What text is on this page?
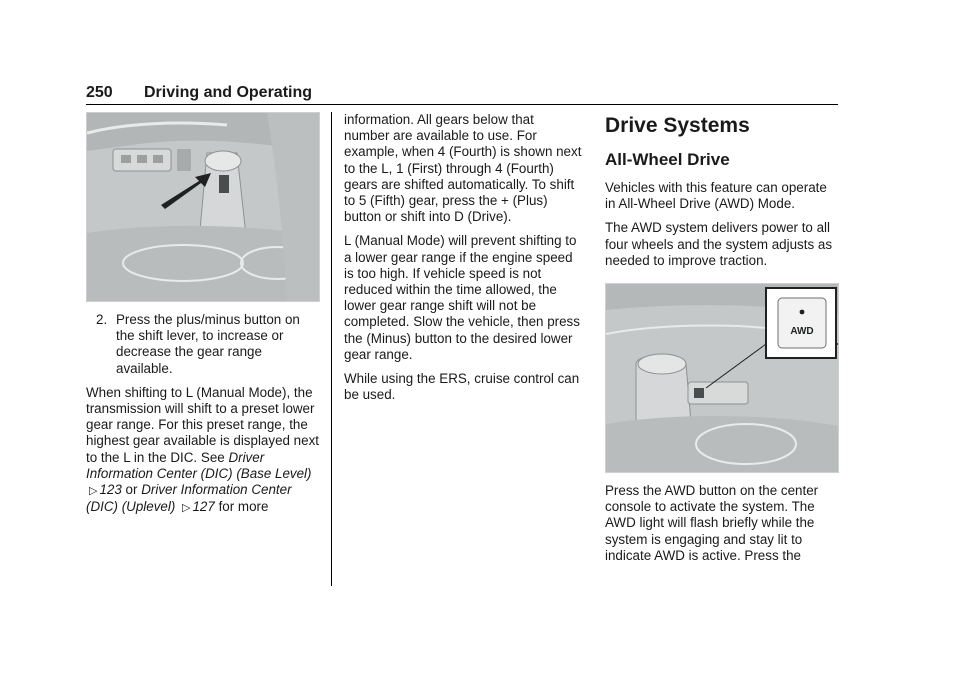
250 Driving and Operating
2. Press the plus/minus button on the shift lever, to increase or decrease the gear range available.

When shifting to L (Manual Mode), the transmission will shift to a preset lower gear range. For this preset range, the highest gear available is displayed next to the L in the DIC. See Driver Information Center (DIC) (Base Level) ▷ 123 or Driver Information Center (DIC) (Uplevel) ▷ 127 for more

information. All gears below that number are available to use. For example, when 4 (Fourth) is shown next to the L, 1 (First) through 4 (Fourth) gears are shifted automatically. To shift to 5 (Fifth) gear, press the + (Plus) button or shift into D (Drive).

L (Manual Mode) will prevent shifting to a lower gear range if the engine speed is too high. If vehicle speed is not reduced within the time allowed, the lower gear range shift will not be completed. Slow the vehicle, then press the (Minus) button to the desired lower gear range.

While using the ERS, cruise control can be used.

Drive Systems
All-Wheel Drive

Vehicles with this feature can operate in All-Wheel Drive (AWD) Mode.

The AWD system delivers power to all four wheels and the system adjusts as needed to improve traction.

AWD

Press the AWD button on the center console to activate the system. The AWD light will flash briefly while the system is engaging and stay lit to indicate AWD is active. Press the
